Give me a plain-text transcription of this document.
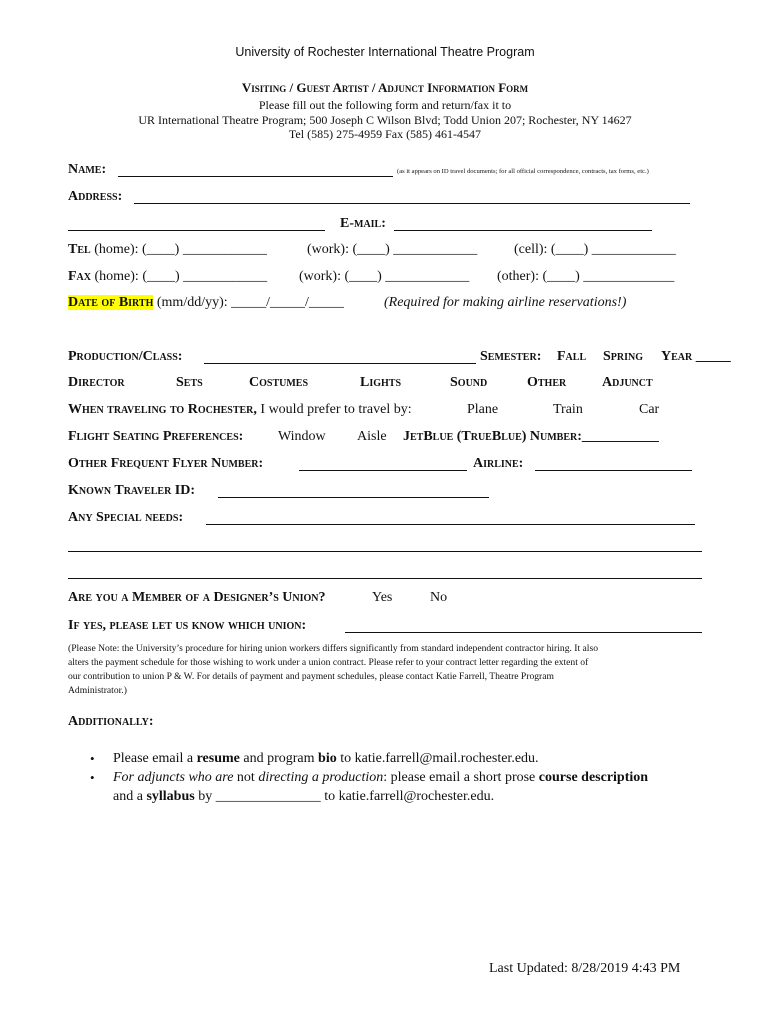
University of Rochester International Theatre Program
Visiting / Guest Artist / Adjunct Information Form
Please fill out the following form and return/fax it to
UR International Theatre Program; 500 Joseph C Wilson Blvd; Todd Union 207; Rochester, NY 14627
Tel (585) 275-4959 Fax (585) 461-4547
Name:	(as it appears on ID travel documents; for all official correspondence, contracts, tax forms, etc.)
Address:
E-mail:
Tel (home): (____) ____________	(work): (____) ____________	(cell): (____) ____________
Fax (home): (____) ____________ (work): (____) ____________ (other): (____) _____________
Date of Birth (mm/dd/yy): _____/_____/_____	(Required for making airline reservations!)
Production/Class:	Semester: Fall Spring Year _____
Director	Sets	Costumes	Lights	Sound	Other	Adjunct
When traveling to Rochester, I would prefer to travel by:	Plane	Train	Car
Flight Seating Preferences: Window Aisle JetBlue (TrueBlue) Number:___________
Other Frequent Flyer Number:	Airline:
Known Traveler ID:
Any Special needs:
Are you a Member of a Designer’s Union?	Yes	No
If yes, please let us know which union:
(Please Note: the University’s procedure for hiring union workers differs significantly from standard independent contractor hiring. It also
alters the payment schedule for those wishing to work under a union contract. Please refer to your contract letter regarding the extent of
our contribution to union P & W. For details of payment and payment schedules, please contact Katie Farrell, Theatre Program
Administrator.)
Additionally:
• Please email a resume and program bio to katie.farrell@mail.rochester.edu.
• For adjuncts who are not directing a production: please email a short prose course description
and a syllabus by _______________ to katie.farrell@rochester.edu.
Last Updated: 8/28/2019 4:43 PM
